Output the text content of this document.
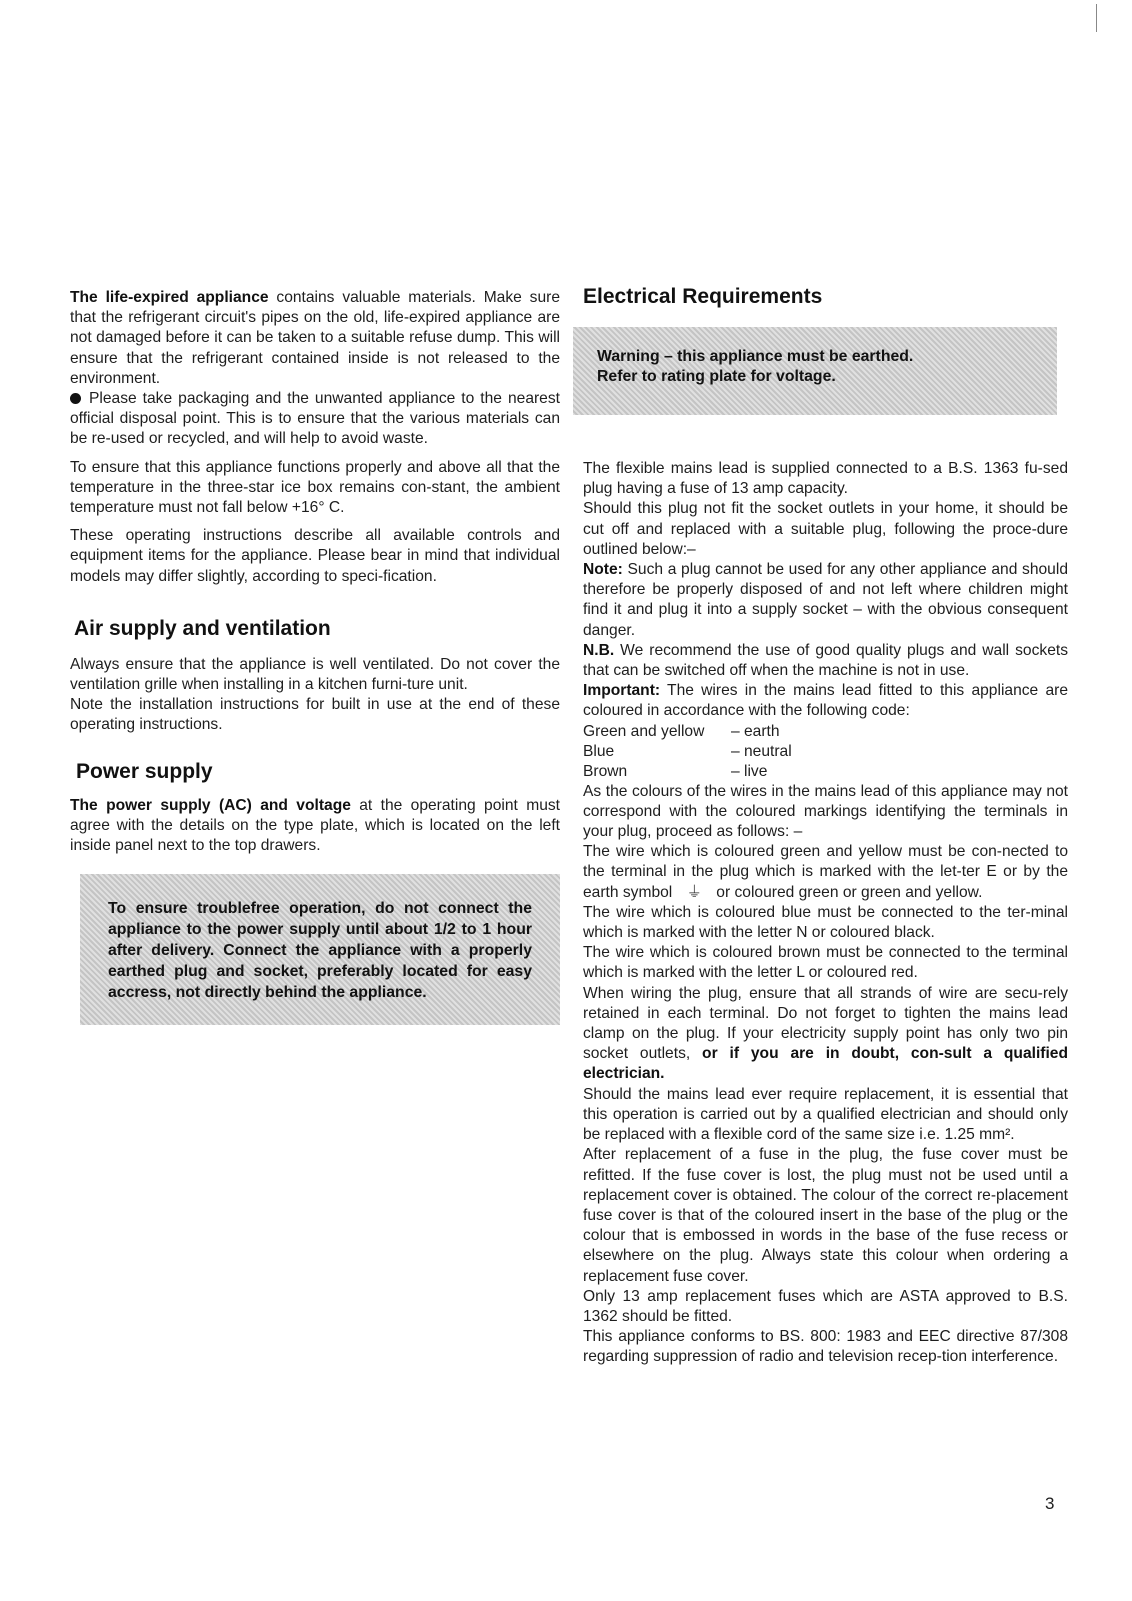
The life-expired appliance contains valuable materials. Make sure that the refrigerant circuit's pipes on the old, life-expired appliance are not damaged before it can be taken to a suitable refuse dump. This will ensure that the refrigerant contained inside is not released to the environment.

Please take packaging and the unwanted appliance to the nearest official disposal point. This is to ensure that the various materials can be re-used or recycled, and will help to avoid waste.

To ensure that this appliance functions properly and above all that the temperature in the three-star ice box remains con-stant, the ambient temperature must not fall below +16° C.

These operating instructions describe all available controls and equipment items for the appliance. Please bear in mind that individual models may differ slightly, according to speci-fication.

Air supply and ventilation

Always ensure that the appliance is well ventilated. Do not cover the ventilation grille when installing in a kitchen furni-ture unit.

Note the installation instructions for built in use at the end of these operating instructions.

Power supply

The power supply (AC) and voltage at the operating point must agree with the details on the type plate, which is located on the left inside panel next to the top drawers.

To ensure troublefree operation, do not connect the appliance to the power supply until about 1/2 to 1 hour after delivery. Connect the appliance with a properly earthed plug and socket, preferably located for easy accress, not directly behind the appliance.

Electrical Requirements

Warning – this appliance must be earthed.

Refer to rating plate for voltage.

The flexible mains lead is supplied connected to a B.S. 1363 fu-sed plug having a fuse of 13 amp capacity.

Should this plug not fit the socket outlets in your home, it should be cut off and replaced with a suitable plug, following the proce-dure outlined below:–

Note: Such a plug cannot be used for any other appliance and should therefore be properly disposed of and not left where children might find it and plug it into a supply socket – with the obvious consequent danger.

N.B. We recommend the use of good quality plugs and wall sockets that can be switched off when the machine is not in use.

Important: The wires in the mains lead fitted to this appliance are coloured in accordance with the following code:

Green and yellow	– earth
Blue	– neutral
Brown	– live

As the colours of the wires in the mains lead of this appliance may not correspond with the coloured markings identifying the terminals in your plug, proceed as follows: –

The wire which is coloured green and yellow must be con-nected to the terminal in the plug which is marked with the let-ter E or by the earth symbol ⏚ or coloured green or green and yellow.

The wire which is coloured blue must be connected to the ter-minal which is marked with the letter N or coloured black.

The wire which is coloured brown must be connected to the terminal which is marked with the letter L or coloured red.

When wiring the plug, ensure that all strands of wire are secu-rely retained in each terminal. Do not forget to tighten the mains lead clamp on the plug. If your electricity supply point has only two pin socket outlets, or if you are in doubt, con-sult a qualified electrician.

Should the mains lead ever require replacement, it is essential that this operation is carried out by a qualified electrician and should only be replaced with a flexible cord of the same size i.e. 1.25 mm².

After replacement of a fuse in the plug, the fuse cover must be refitted. If the fuse cover is lost, the plug must not be used until a replacement cover is obtained. The colour of the correct re-placement fuse cover is that of the coloured insert in the base of the plug or the colour that is embossed in words in the base of the fuse recess or elsewhere on the plug. Always state this colour when ordering a replacement fuse cover.

Only 13 amp replacement fuses which are ASTA approved to B.S. 1362 should be fitted.

This appliance conforms to BS. 800: 1983 and EEC directive 87/308 regarding suppression of radio and television recep-tion interference.

3
